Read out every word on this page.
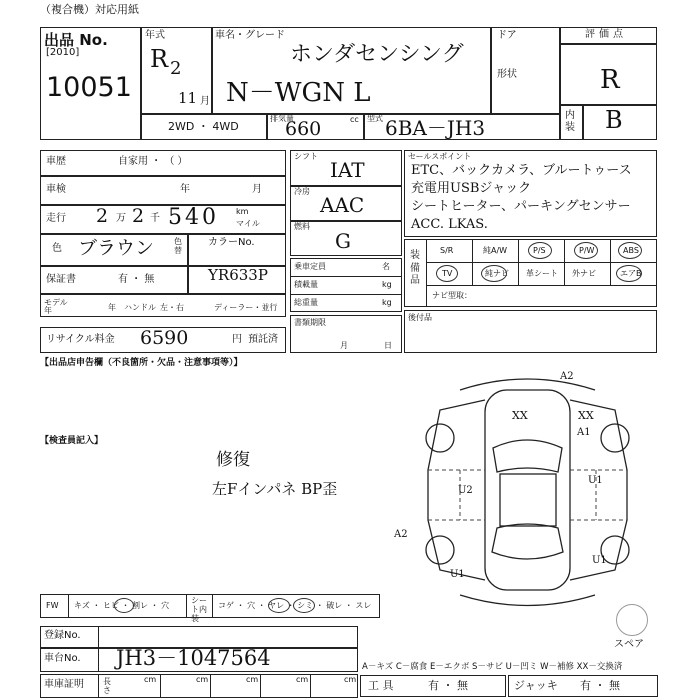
（複合機）対応用紙
出品 No.
[2010]
10051
年式
R 2
11 月
車名・グレード
ホンダセンシング
N－WGN L
ドア
形状
2WD ・ 4WD
排気量
660	cc 型式 6BA－JH3
評価点
R
内装 B
車歴	自家用 ・ （ ）
車検	年	月
走行 2 万 2 千 540 km
マイル
色 ブラウン 色替
カラーNo.
YR633P
保証書	有 ・ 無
モデル 年	年 ハンドル 左・右	ディーラー・並行
リサイクル料金 6590	円 預託済
シフト
IAT
冷房
AAC
燃料
G
乗車定員	名
積載量	kg
総重量	kg
書類期限
月	日
セールスポイント
ETC、バックカメラ、ブルートゥース
充電用USBジャック
シートヒーター、パーキングセンサー
ACC. LKAS.
装備品
S/R	純A/W	P/S	P/W	ABS
TV	純ナビ 革シート 外ナビ	エアB
ナビ型取：
後付品
【出品店申告欄（不良箇所・欠品・注意事項等）】
【検査員記入】
修復
左Fインパネ BP歪
A2
XX	XX
A1
U2
U1
A2
U1
U1
スペア
FW キズ ・ ヒビ ・ 割レ ・ 穴
シート内装
コゲ ・ 穴 ・ ヤレ ・ シミ ・ 破レ ・ スレ
登録No.
車台No. JH3－1047564
車庫証明 長さ
cm	cm	cm	cm	cm
A－キズ C－腐食 E－エクボ S－サビ U－凹ミ W－補修 XX－交換済
工 具	有 ・ 無	ジャッキ 有 ・ 無
